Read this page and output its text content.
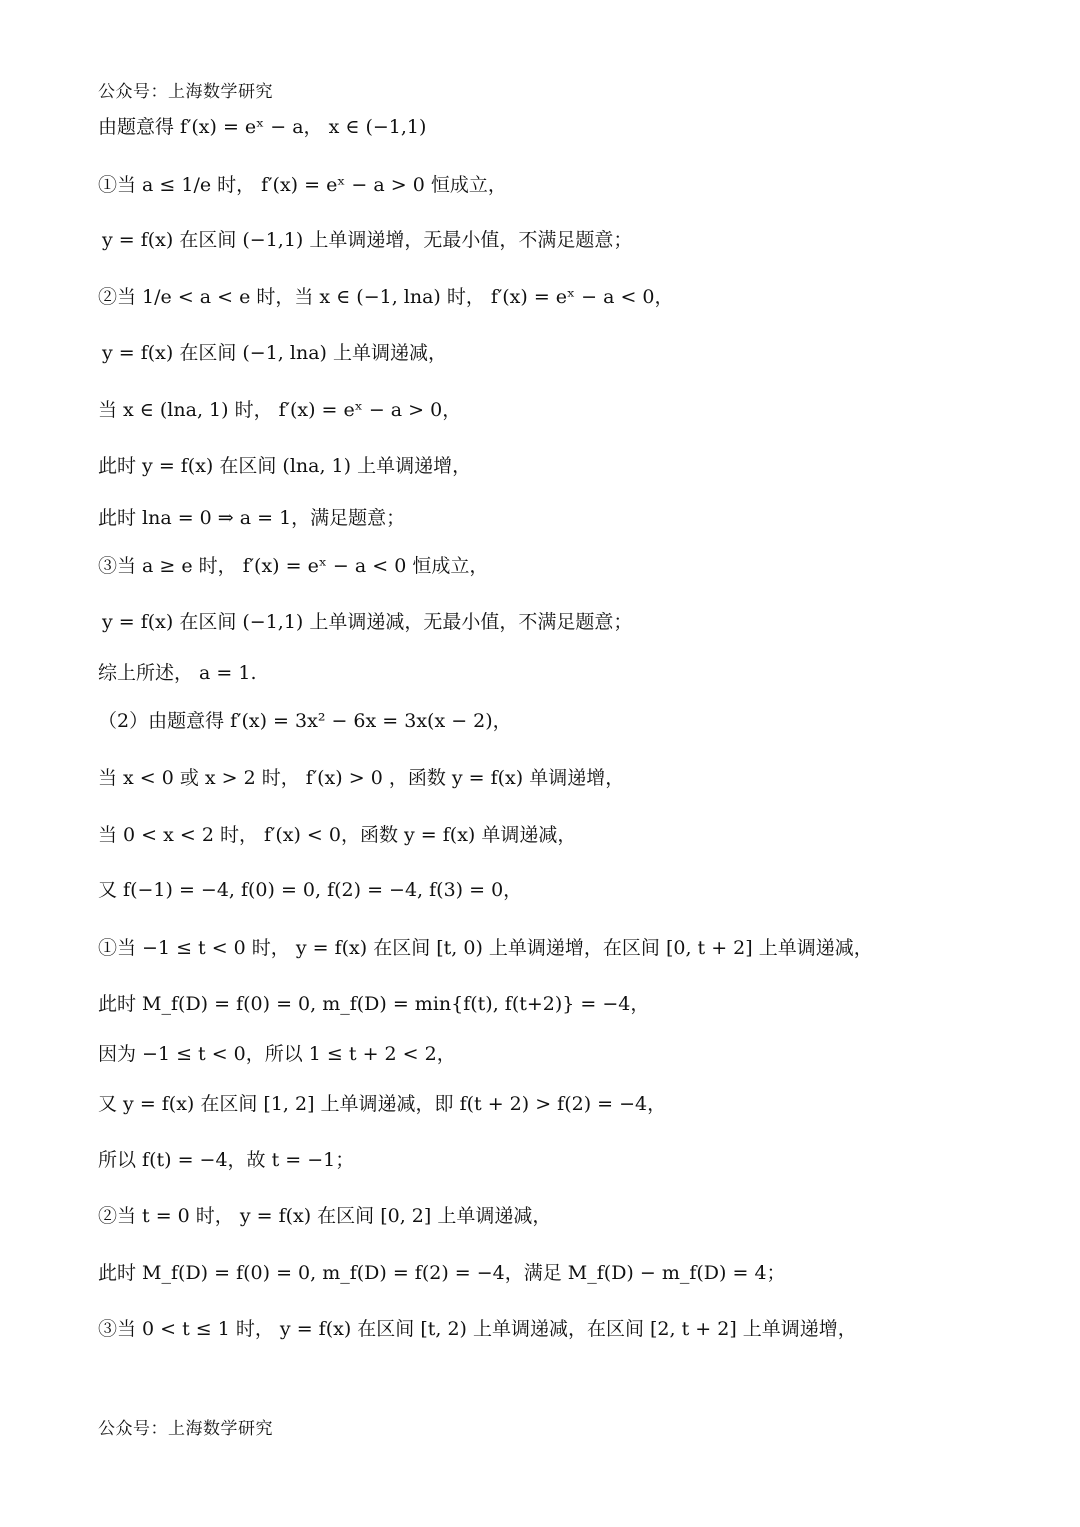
公众号：上海数学研究
由题意得 f′(x) = eˣ − a， x ∈ (−1,1)
①当 a ≤ 1/e 时， f′(x) = eˣ − a > 0 恒成立，
y = f(x) 在区间 (−1,1) 上单调递增，无最小值，不满足题意；
②当 1/e < a < e 时，当 x ∈ (−1, lna) 时， f′(x) = eˣ − a < 0，
y = f(x) 在区间 (−1, lna) 上单调递减，
当 x ∈ (lna, 1) 时， f′(x) = eˣ − a > 0，
此时 y = f(x) 在区间 (lna, 1) 上单调递增，
此时 lna = 0 ⇒ a = 1，满足题意；
③当 a ≥ e 时， f′(x) = eˣ − a < 0 恒成立，
y = f(x) 在区间 (−1,1) 上单调递减，无最小值，不满足题意；
综上所述， a = 1.
（2）由题意得 f′(x) = 3x² − 6x = 3x(x − 2)，
当 x < 0 或 x > 2 时， f′(x) > 0 ，函数 y = f(x) 单调递增，
当 0 < x < 2 时， f′(x) < 0，函数 y = f(x) 单调递减，
又 f(−1) = −4, f(0) = 0, f(2) = −4, f(3) = 0，
①当 −1 ≤ t < 0 时， y = f(x) 在区间 [t, 0) 上单调递增，在区间 [0, t + 2] 上单调递减，
此时 M_f(D) = f(0) = 0, m_f(D) = min{f(t), f(t+2)} = −4，
因为 −1 ≤ t < 0，所以 1 ≤ t + 2 < 2，
又 y = f(x) 在区间 [1, 2] 上单调递减，即 f(t + 2) > f(2) = −4，
所以 f(t) = −4，故 t = −1；
②当 t = 0 时， y = f(x) 在区间 [0, 2] 上单调递减，
此时 M_f(D) = f(0) = 0, m_f(D) = f(2) = −4，满足 M_f(D) − m_f(D) = 4；
③当 0 < t ≤ 1 时， y = f(x) 在区间 [t, 2) 上单调递减，在区间 [2, t + 2] 上单调递增，
公众号：上海数学研究
